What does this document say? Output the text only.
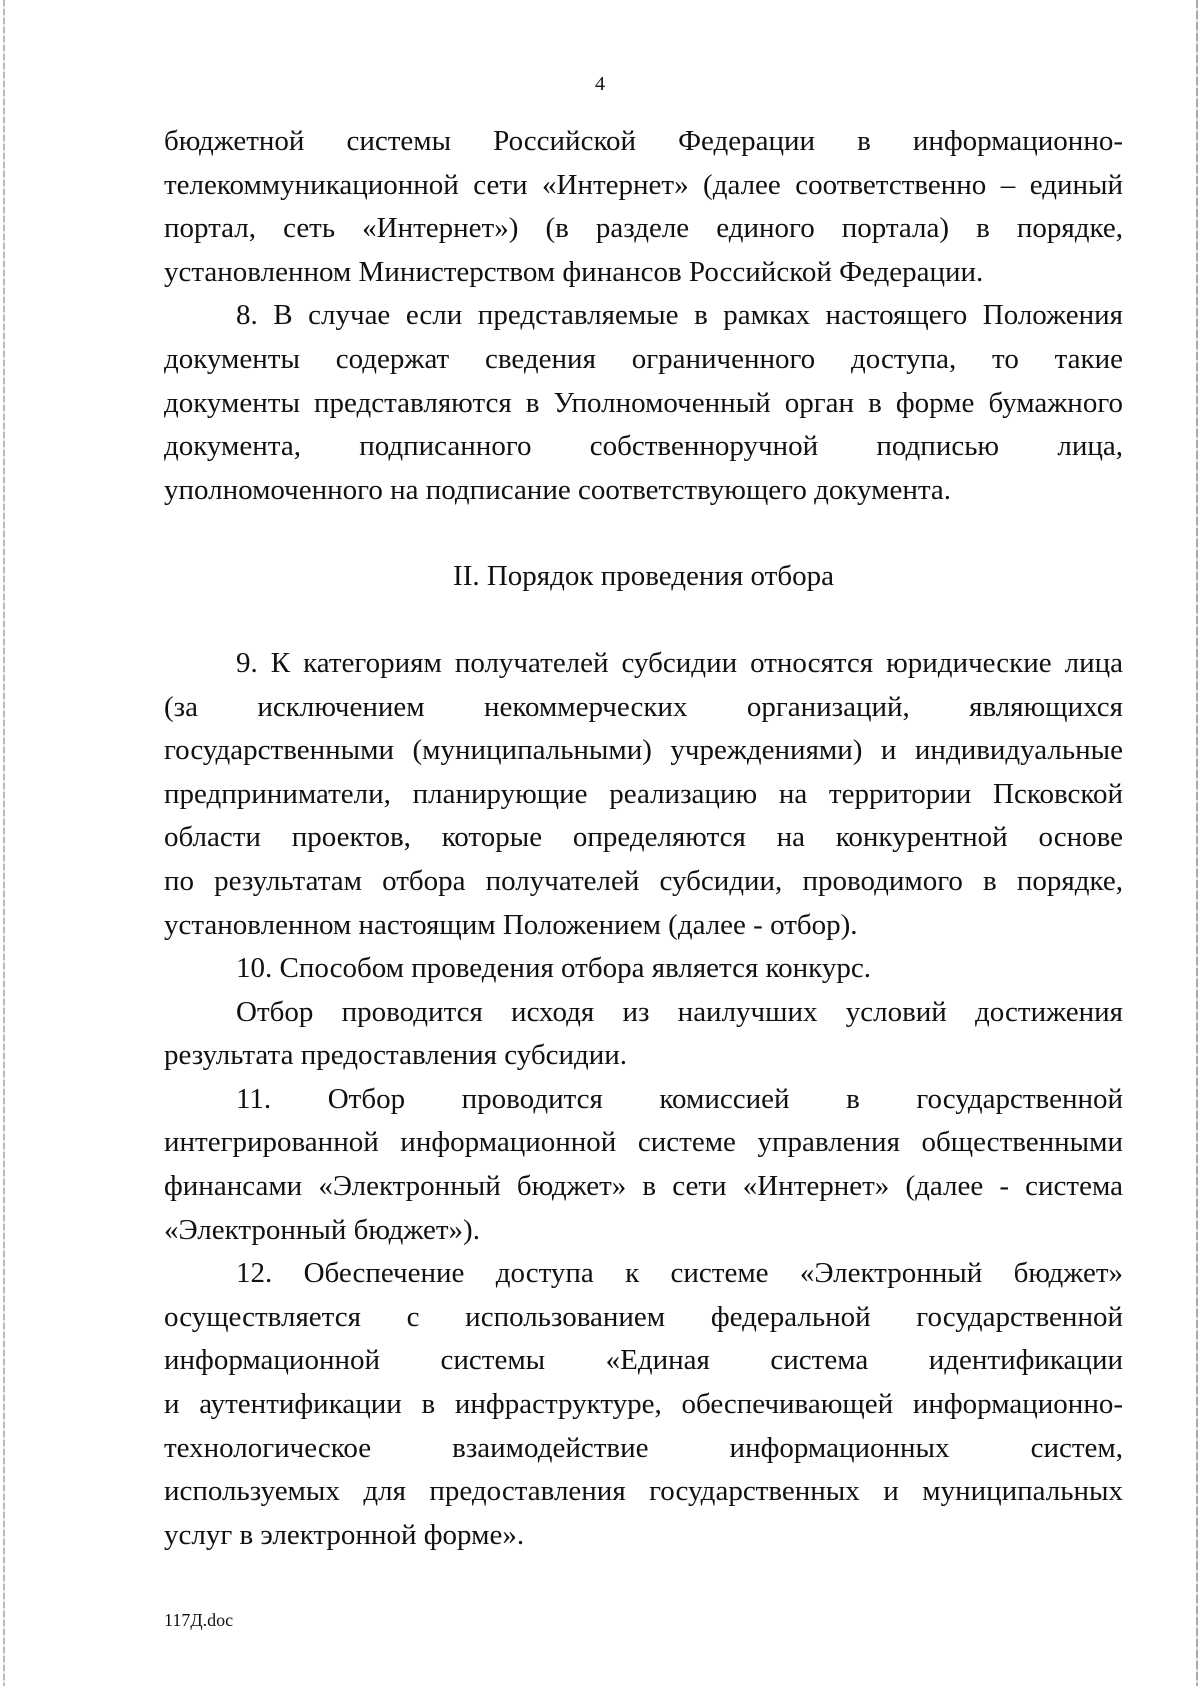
4

бюджетной системы Российской Федерации в информационно-

телекоммуникационной сети «Интернет» (далее соответственно – единый

портал, сеть «Интернет») (в разделе единого портала) в порядке,

установленном Министерством финансов Российской Федерации.

8. В случае если представляемые в рамках настоящего Положения

документы содержат сведения ограниченного доступа, то такие

документы представляются в Уполномоченный орган в форме бумажного

документа, подписанного собственноручной подписью лица,

уполномоченного на подписание соответствующего документа.

II. Порядок проведения отбора

9. К категориям получателей субсидии относятся юридические лица

(за исключением некоммерческих организаций, являющихся

государственными (муниципальными) учреждениями) и индивидуальные

предприниматели, планирующие реализацию на территории Псковской

области проектов, которые определяются на конкурентной основе

по результатам отбора получателей субсидии, проводимого в порядке,

установленном настоящим Положением (далее - отбор).

10. Способом проведения отбора является конкурс.

Отбор проводится исходя из наилучших условий достижения

результата предоставления субсидии.

11. Отбор проводится комиссией в государственной

интегрированной информационной системе управления общественными

финансами «Электронный бюджет» в сети «Интернет» (далее - система

«Электронный бюджет»).

12. Обеспечение доступа к системе «Электронный бюджет»

осуществляется с использованием федеральной государственной

информационной системы «Единая система идентификации

и аутентификации в инфраструктуре, обеспечивающей информационно-

технологическое взаимодействие информационных систем,

используемых для предоставления государственных и муниципальных

услуг в электронной форме».

117Д.doc
